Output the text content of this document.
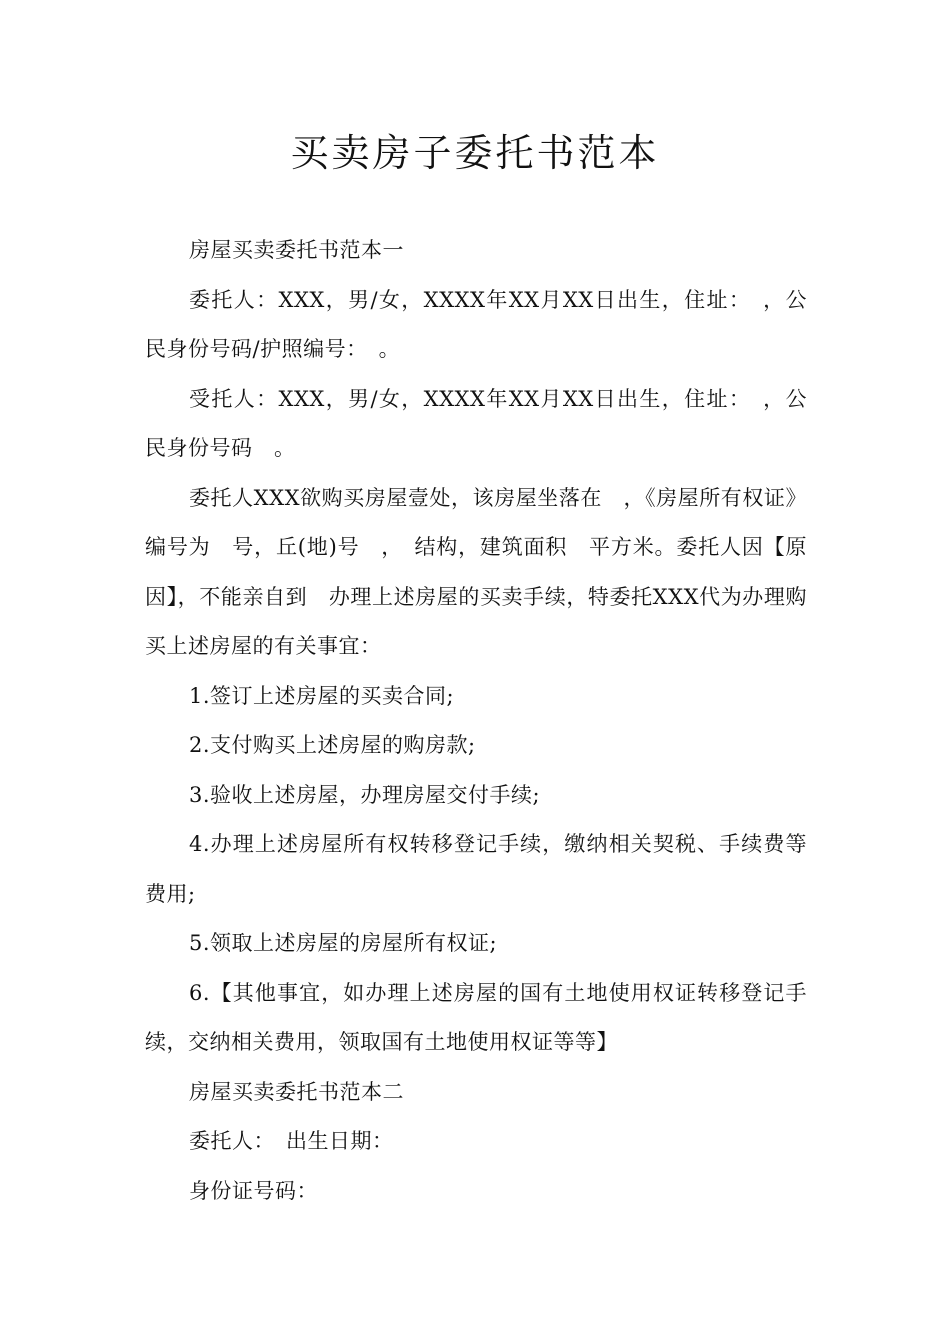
买卖房子委托书范本

房屋买卖委托书范本一

委托人：XXX，男/女，XXXX年XX月XX日出生，住址：　，公民身份号码/护照编号：　。

受托人：XXX，男/女，XXXX年XX月XX日出生，住址：　，公民身份号码　。

委托人XXX欲购买房屋壹处，该房屋坐落在　，《房屋所有权证》编号为　号，丘(地)号　，　结构，建筑面积　平方米。委托人因【原因】，不能亲自到　办理上述房屋的买卖手续，特委托XXX代为办理购买上述房屋的有关事宜：

1.签订上述房屋的买卖合同;

2.支付购买上述房屋的购房款;

3.验收上述房屋，办理房屋交付手续;

4.办理上述房屋所有权转移登记手续，缴纳相关契税、手续费等费用;

5.领取上述房屋的房屋所有权证;

6.【其他事宜，如办理上述房屋的国有土地使用权证转移登记手续，交纳相关费用，领取国有土地使用权证等等】

房屋买卖委托书范本二

委托人：　出生日期：

身份证号码：
